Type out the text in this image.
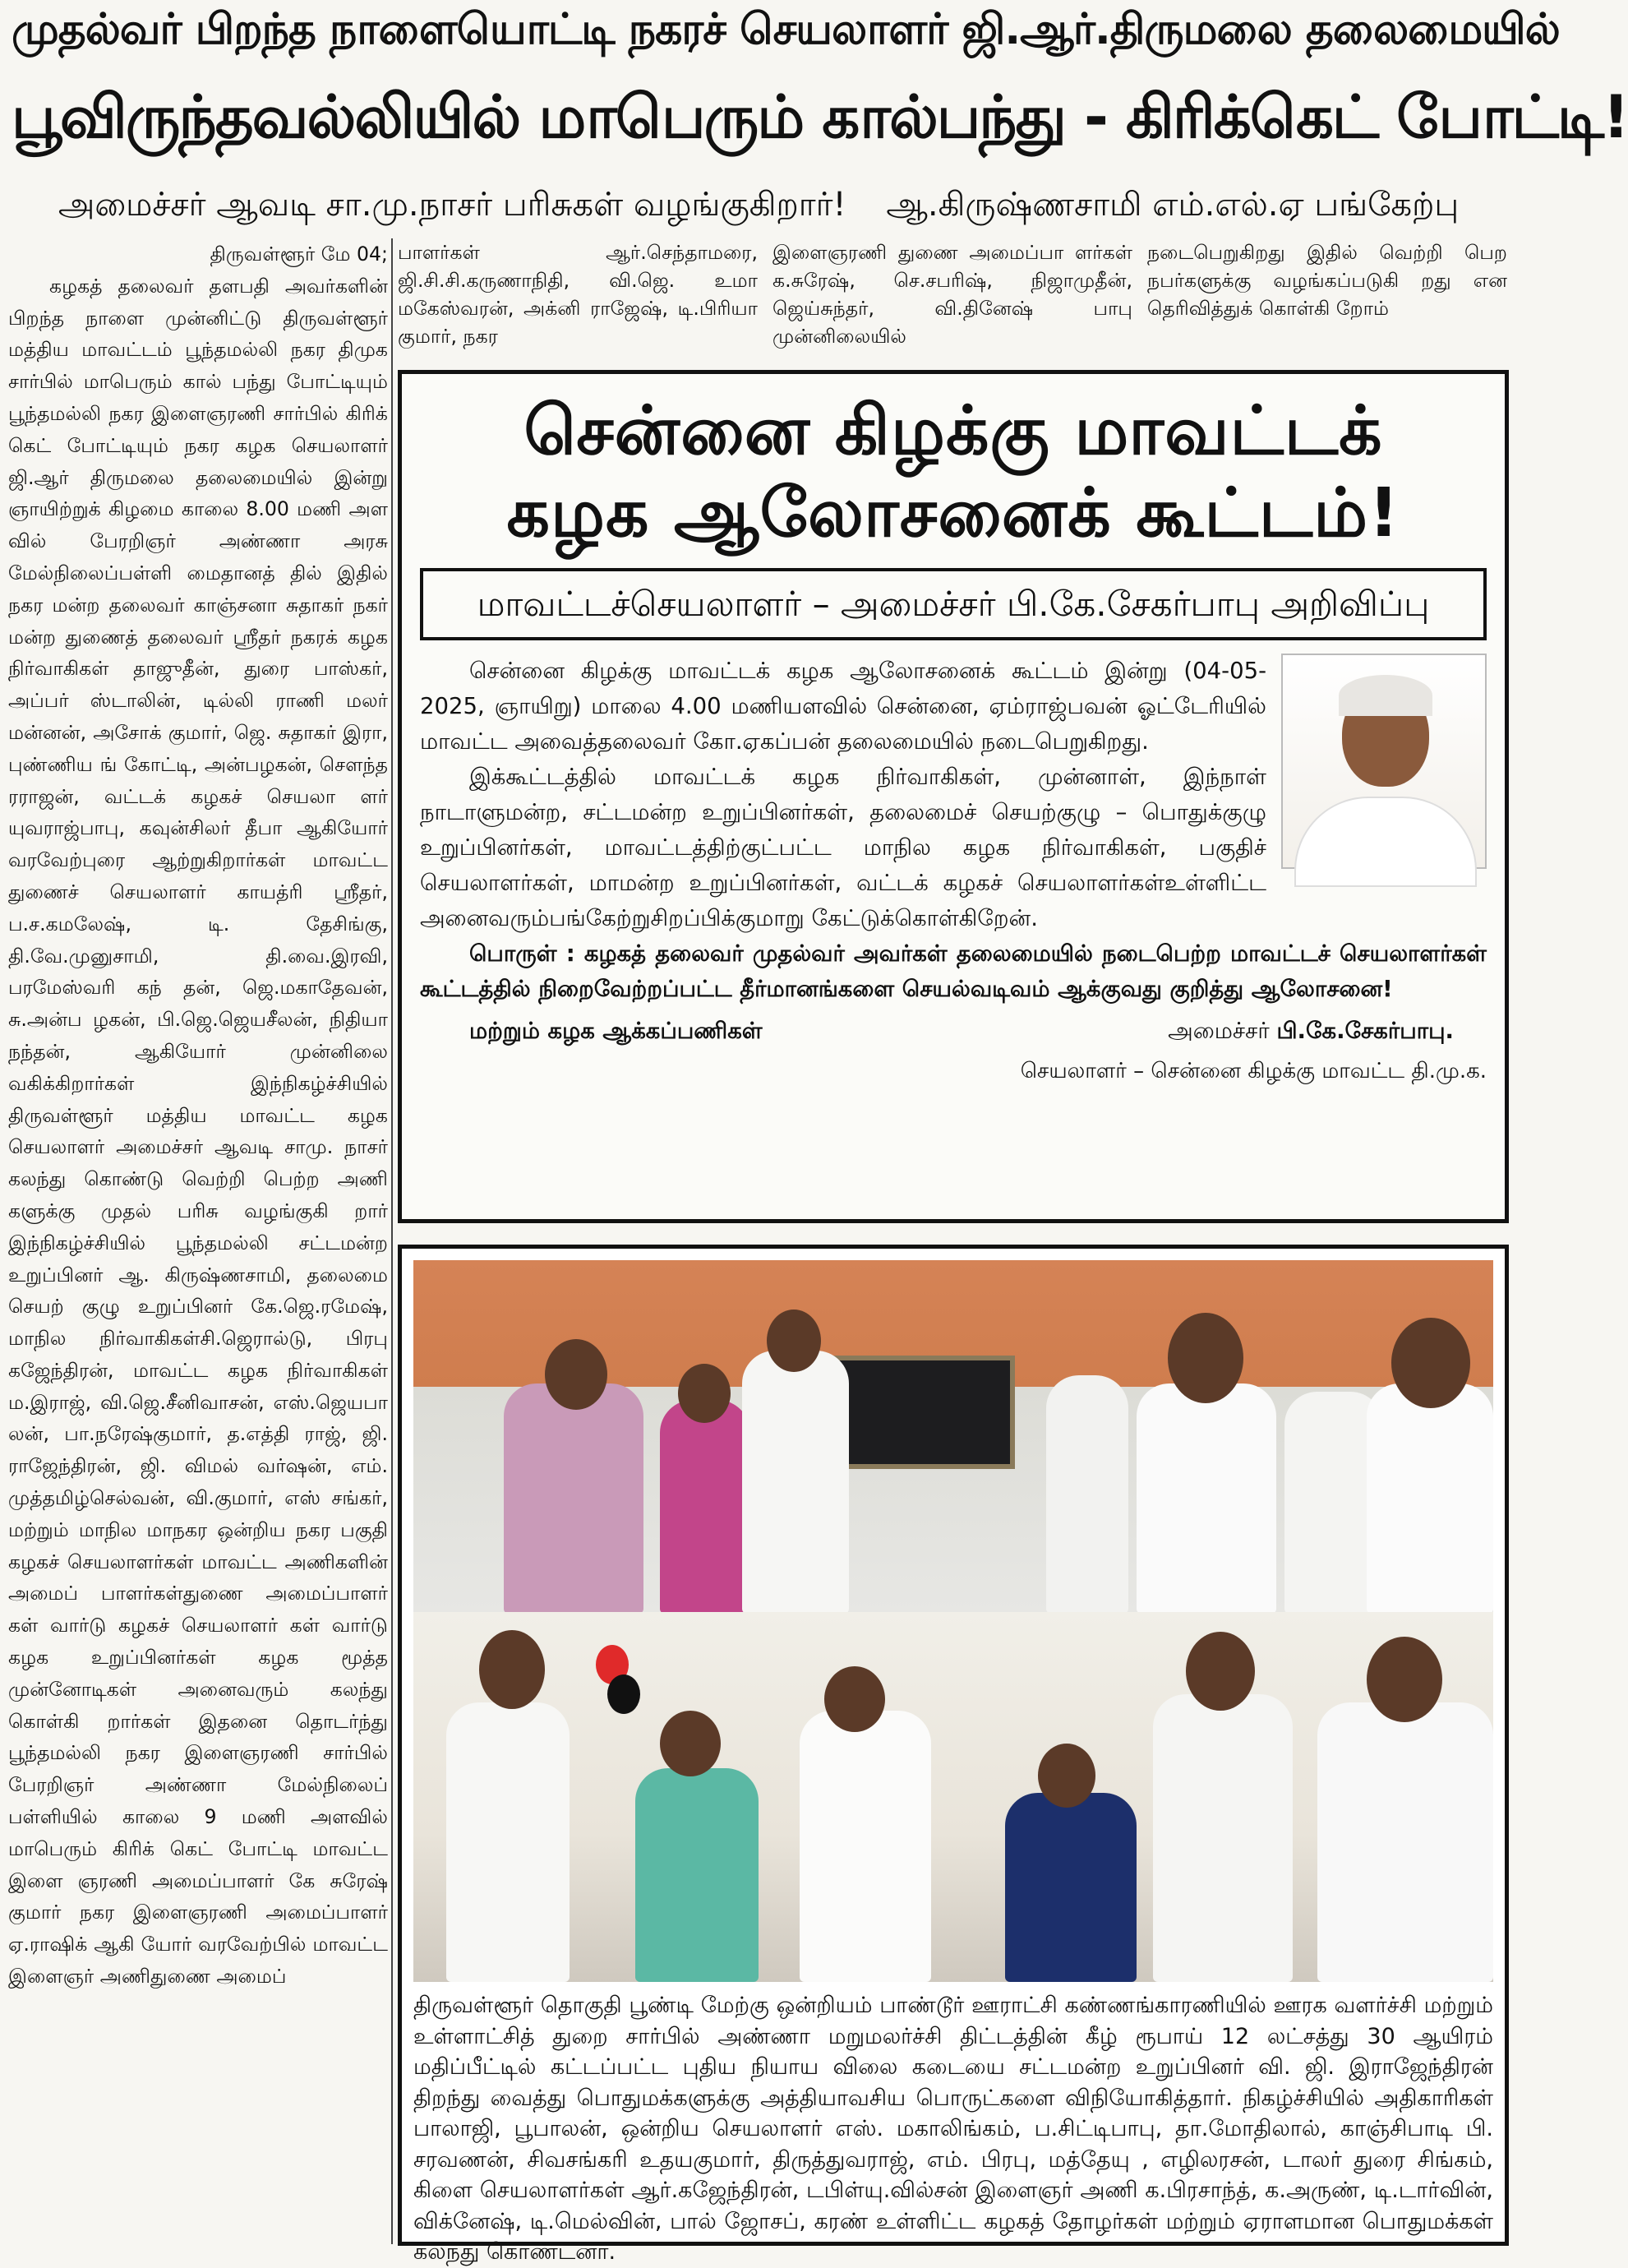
முதல்வர் பிறந்த நாளையொட்டி நகரச் செயலாளர் ஜி.ஆர்.திருமலை தலைமையில்
பூவிருந்தவல்லியில் மாபெரும் கால்பந்து - கிரிக்கெட் போட்டி!
அமைச்சர் ஆவடி சா.மு.நாசர் பரிசுகள் வழங்குகிறார்! ஆ.கிருஷ்ணசாமி எம்.எல்.ஏ பங்கேற்பு
திருவள்ளூர் மே 04;
கழகத் தலைவர் தளபதி அவர்களின் பிறந்த நாளை முன்னிட்டு திருவள்ளூர் மத்திய மாவட்டம் பூந்தமல்லி நகர திமுக சார்பில் மாபெரும் கால் பந்து போட்டியும் பூந்தமல்லி நகர இளைஞரணி சார்பில் கிரிக் கெட் போட்டியும் நகர கழக செயலாளர் ஜி.ஆர் திருமலை தலைமையில் இன்று ஞாயிற்றுக் கிழமை காலை 8.00 மணி அள வில் பேரறிஞர் அண்ணா அரசு மேல்நிலைப்பள்ளி மைதானத் தில் இதில் நகர மன்ற தலைவர் காஞ்சனா சுதாகர் நகர் மன்ற துணைத் தலைவர் ஸ்ரீதர் நகரக் கழக நிர்வாகிகள் தாஜுதீன், துரை பாஸ்கர், அப்பர் ஸ்டாலின், டில்லி ராணி மலர் மன்னன், அசோக் குமார், ஜெ. சுதாகர் இரா, புண்ணிய ங் கோட்டி, அன்பழகன், சௌந்த ரராஜன், வட்டக் கழகச் செயலா ளர் யுவராஜ்பாபு, கவுன்சிலர் தீபா ஆகியோர் வரவேற்புரை ஆற்றுகிறார்கள் மாவட்ட துணைச் செயலாளர் காயத்ரி ஸ்ரீதர், ப.ச.கமலேஷ், டி. தேசிங்கு, தி.வே.முனுசாமி, தி.வை.இரவி, பரமேஸ்வரி கந் தன், ஜெ.மகாதேவன், சு.அன்ப ழகன், பி.ஜெ.ஜெயசீலன், நிதியா நந்தன், ஆகியோர் முன்னிலை வகிக்கிறார்கள் இந்நிகழ்ச்சியில் திருவள்ளூர் மத்திய மாவட்ட கழக செயலாளர் அமைச்சர் ஆவடி சாமு. நாசர் கலந்து கொண்டு வெற்றி பெற்ற அணி களுக்கு முதல் பரிசு வழங்குகி றார் இந்நிகழ்ச்சியில் பூந்தமல்லி சட்டமன்ற உறுப்பினர் ஆ. கிருஷ்ணசாமி, தலைமை செயற் குழு உறுப்பினர் கே.ஜெ.ரமேஷ், மாநில நிர்வாகிகள்சி.ஜெரால்டு, பிரபு கஜேந்திரன், மாவட்ட கழக நிர்வாகிகள் ம.இராஜ், வி.ஜெ.சீனிவாசன், எஸ்.ஜெயபா லன், பா.நரேஷ்குமார், த.எத்தி ராஜ், ஜி. ராஜேந்திரன், ஜி. விமல் வர்ஷன், எம். முத்தமிழ்செல்வன், வி.குமார், எஸ் சங்கர், மற்றும் மாநில மாநகர ஒன்றிய நகர பகுதி கழகச் செயலாளர்கள் மாவட்ட அணிகளின் அமைப் பாளர்கள்துணை அமைப்பாளர் கள் வார்டு கழகச் செயலாளர் கள் வார்டு கழக உறுப்பினர்கள் கழக மூத்த முன்னோடிகள் அனைவரும் கலந்து கொள்கி றார்கள் இதனை தொடர்ந்து பூந்தமல்லி நகர இளைஞரணி சார்பில் பேரறிஞர் அண்ணா மேல்நிலைப் பள்ளியில் காலை 9 மணி அளவில் மாபெரும் கிரிக் கெட் போட்டி மாவட்ட இளை ஞரணி அமைப்பாளர் கே சுரேஷ் குமார் நகர இளைஞரணி அமைப்பாளர் ஏ.ராஷிக் ஆகி யோர் வரவேற்பில் மாவட்ட இளைஞர் அணிதுணை அமைப்
பாளர்கள் ஆர்.செந்தாமரை, ஜி.சி.சி.கருணாநிதி, வி.ஜெ. உமா மகேஸ்வரன், அக்னி ராஜேஷ், டி.பிரியா குமார், நகர
இளைஞரணி துணை அமைப்பா ளர்கள் க.சுரேஷ், செ.சபரிஷ், நிஜாமுதீன், ஜெய்சுந்தர், வி.தினேஷ் பாபு முன்னிலையில்
நடைபெறுகிறது இதில் வெற்றி பெற நபர்களுக்கு வழங்கப்படுகி றது என தெரிவித்துக் கொள்கி றோம்
சென்னை கிழக்கு மாவட்டக்
கழக ஆலோசனைக் கூட்டம்!
மாவட்டச்செயலாளர் – அமைச்சர் பி.கே.சேகர்பாபு அறிவிப்பு

சென்னை கிழக்கு மாவட்டக் கழக ஆலோசனைக் கூட்டம் இன்று (04-05-2025, ஞாயிறு) மாலை 4.00 மணியளவில் சென்னை, ஏம்ராஜ்பவன் ஓட்டேரியில் மாவட்ட அவைத்தலைவர் கோ.ஏகப்பன் தலைமையில் நடைபெறுகிறது.

இக்கூட்டத்தில் மாவட்டக் கழக நிர்வாகிகள், முன்னாள், இந்நாள் நாடாளுமன்ற, சட்டமன்ற உறுப்பினர்கள், தலைமைச் செயற்குழு – பொதுக்குழு உறுப்பினர்கள், மாவட்டத்திற்குட்பட்ட மாநில கழக நிர்வாகிகள், பகுதிச் செயலாளர்கள், மாமன்ற உறுப்பினர்கள், வட்டக் கழகச் செயலாளர்கள்உள்ளிட்ட அனைவரும்பங்கேற்றுசிறப்பிக்குமாறு கேட்டுக்கொள்கிறேன்.

பொருள் : கழகத் தலைவர் முதல்வர் அவர்கள் தலைமையில் நடைபெற்ற மாவட்டச் செயலாளர்கள் கூட்டத்தில் நிறைவேற்றப்பட்ட தீர்மானங்களை செயல்வடிவம் ஆக்குவது குறித்து ஆலோசனை!

மற்றும் கழக ஆக்கப்பணிகள்	அமைச்சர் பி.கே.சேகர்பாபு.
செயலாளர் – சென்னை கிழக்கு மாவட்ட தி.மு.க.
திருவள்ளூர் தொகுதி பூண்டி மேற்கு ஒன்றியம் பாண்டூர் ஊராட்சி கண்ணங்காரணியில் ஊரக வளர்ச்சி மற்றும் உள்ளாட்சித் துறை சார்பில் அண்ணா மறுமலர்ச்சி திட்டத்தின் கீழ் ரூபாய் 12 லட்சத்து 30 ஆயிரம் மதிப்பீட்டில் கட்டப்பட்ட புதிய நியாய விலை கடையை சட்டமன்ற உறுப்பினர் வி. ஜி. இராஜேந்திரன் திறந்து வைத்து பொதுமக்களுக்கு அத்தியாவசிய பொருட்களை விநியோகித்தார். நிகழ்ச்சியில் அதிகாரிகள் பாலாஜி, பூபாலன், ஒன்றிய செயலாளர் எஸ். மகாலிங்கம், ப.சிட்டிபாபு, தா.மோதிலால், காஞ்சிபாடி பி. சரவணன், சிவசங்கரி உதயகுமார், திருத்துவராஜ், எம். பிரபு, மத்தேயு , எழிலரசன், டாலர் துரை சிங்கம், கிளை செயலாளர்கள் ஆர்.கஜேந்திரன், டபிள்யு.வில்சன் இளைஞர் அணி க.பிரசாந்த், க.அருண், டி.டார்வின், விக்னேஷ், டி.மெல்வின், பால் ஜோசப், கரண் உள்ளிட்ட கழகத் தோழர்கள் மற்றும் ஏராளமான பொதுமக்கள் கலந்து கொண்டனர்.
